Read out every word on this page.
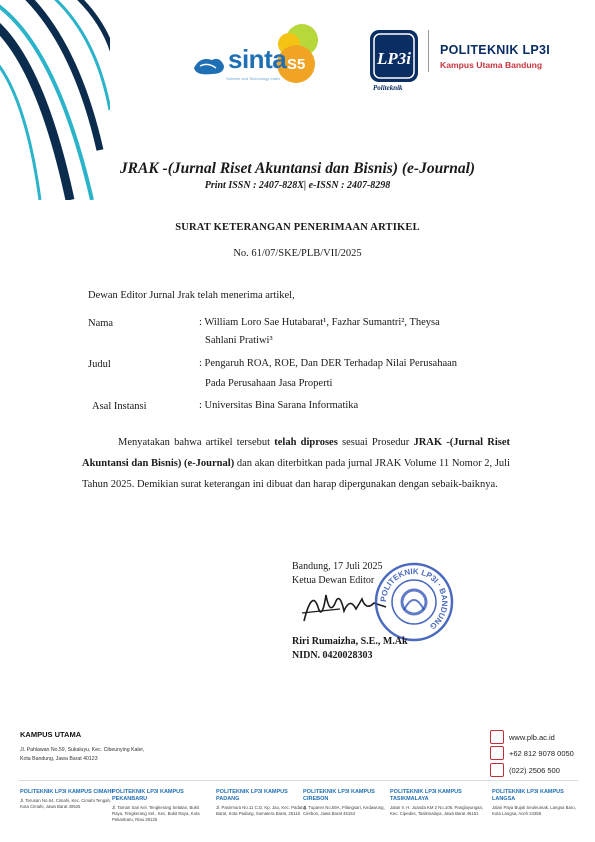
sinta
Science and Technology Index
S5	LP3i
Politeknik
POLITEKNIK LP3I
Kampus Utama Bandung
JRAK -(Jurnal Riset Akuntansi dan Bisnis) (e-Journal)
Print ISSN : 2407-828X| e-ISSN : 2407-8298
SURAT KETERANGAN PENERIMAAN ARTIKEL
No. 61/07/SKE/PLB/VII/2025
Dewan Editor Jurnal Jrak telah menerima artikel,
Nama	: William Loro Sae Hutabarat¹, Fazhar Sumantri², Theysa
Sahlani Pratiwi³
Judul	: Pengaruh ROA, ROE, Dan DER Terhadap Nilai Perusahaan
Pada Perusahaan Jasa Properti
Asal Instansi	: Universitas Bina Sarana Informatika
Menyatakan bahwa artikel tersebut telah diproses sesuai Prosedur JRAK -(Jurnal Riset Akuntansi dan Bisnis) (e-Journal) dan akan diterbitkan pada jurnal JRAK Volume 11 Nomor 2, Juli Tahun 2025. Demikian surat keterangan ini dibuat dan harap dipergunakan dengan sebaik-baiknya.
Bandung, 17 Juli 2025
Ketua Dewan Editor
POLITEKNIK LP3I · BANDUNG
Riri Rumaizha, S.E., M.Ak
NIDN. 0420028303
KAMPUS UTAMA
Jl. Pahlawan No.59, Sukaluyu, Kec. Cibeunying Kaler, Kota Bandung, Jawa Barat 40123
www.plb.ac.id
+62 812 9078 0050
(022) 2506 500
POLITEKNIK LP3I KAMPUS CIMAHI
Jl. Terusan No.64, Cimahi, Kec. Cimahi Tengah, Kota Cimahi, Jawa Barat 40525
POLITEKNIK LP3I KAMPUS PEKANBARU
Jl. Taman Sari Kel. Tengkerang Selatan, Bukit Raya, Tengkerang Sel., Kec. Bukit Raya, Kota Pekanbaru, Riau 28125
POLITEKNIK LP3I KAMPUS PADANG
Jl. Pasirmura No.11 C.D, Kp. Jao, Kec. Padang Barat, Kota Padang, Sumatera Barat, 25116
POLITEKNIK LP3I KAMPUS CIREBON
Jl. Tuparev No.59A, Pilangsari, Kedawung, Cirebon, Jawa Barat 45153
POLITEKNIK LP3I KAMPUS TASIKMALAYA
Jalan Ir. H. Juanda KM 2 No.106, Panglayungan, Kec. Cipedes, Tasikmalaya, Jawa Barat 46151
POLITEKNIK LP3I KAMPUS LANGSA
Jalan Paya Bujok Seuleumak, Langsa Baro, Kota Langsa, Aceh 24355
